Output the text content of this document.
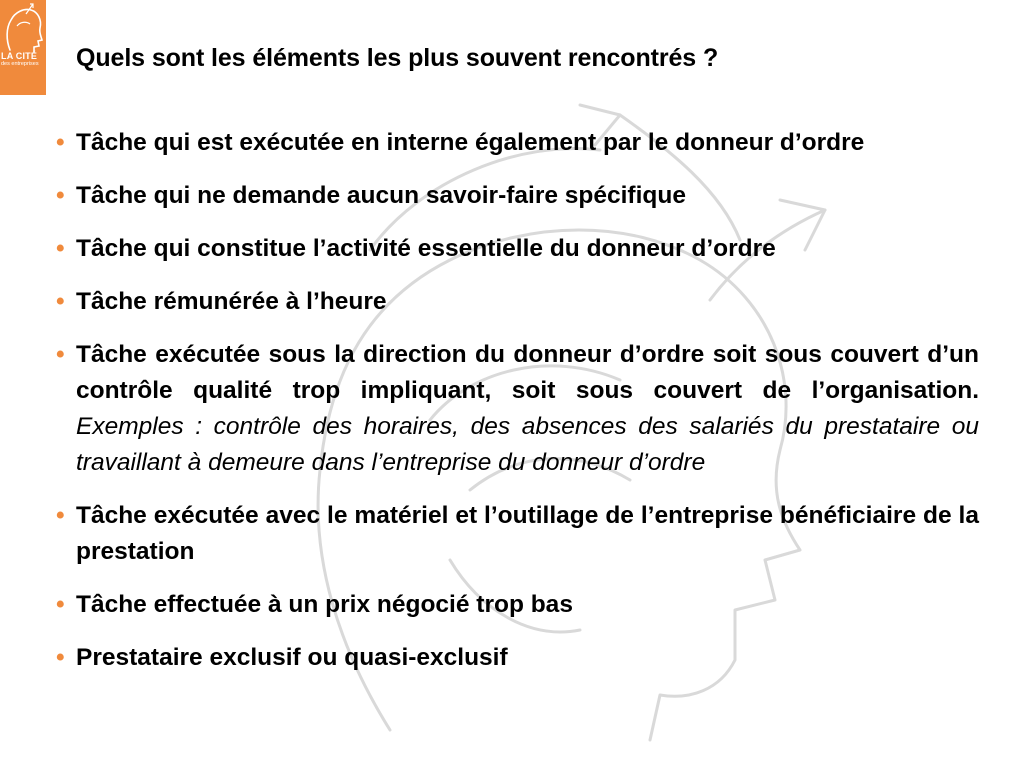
LA CITÉ
des entreprises Quels sont les éléments les plus souvent rencontrés ?
• Tâche qui est exécutée en interne également par le donneur d’ordre
• Tâche qui ne demande aucun savoir-faire spécifique
• Tâche qui constitue l’activité essentielle du donneur d’ordre
• Tâche rémunérée à l’heure
• Tâche exécutée sous la direction du donneur d’ordre soit sous couvert d’un contrôle qualité trop impliquant, soit sous couvert de l’organisation. Exemples : contrôle des horaires, des absences des salariés du prestataire ou travaillant à demeure dans l’entreprise du donneur d’ordre
• Tâche exécutée avec le matériel et l’outillage de l’entreprise bénéficiaire de la prestation
• Tâche effectuée à un prix négocié trop bas
• Prestataire exclusif ou quasi-exclusif
